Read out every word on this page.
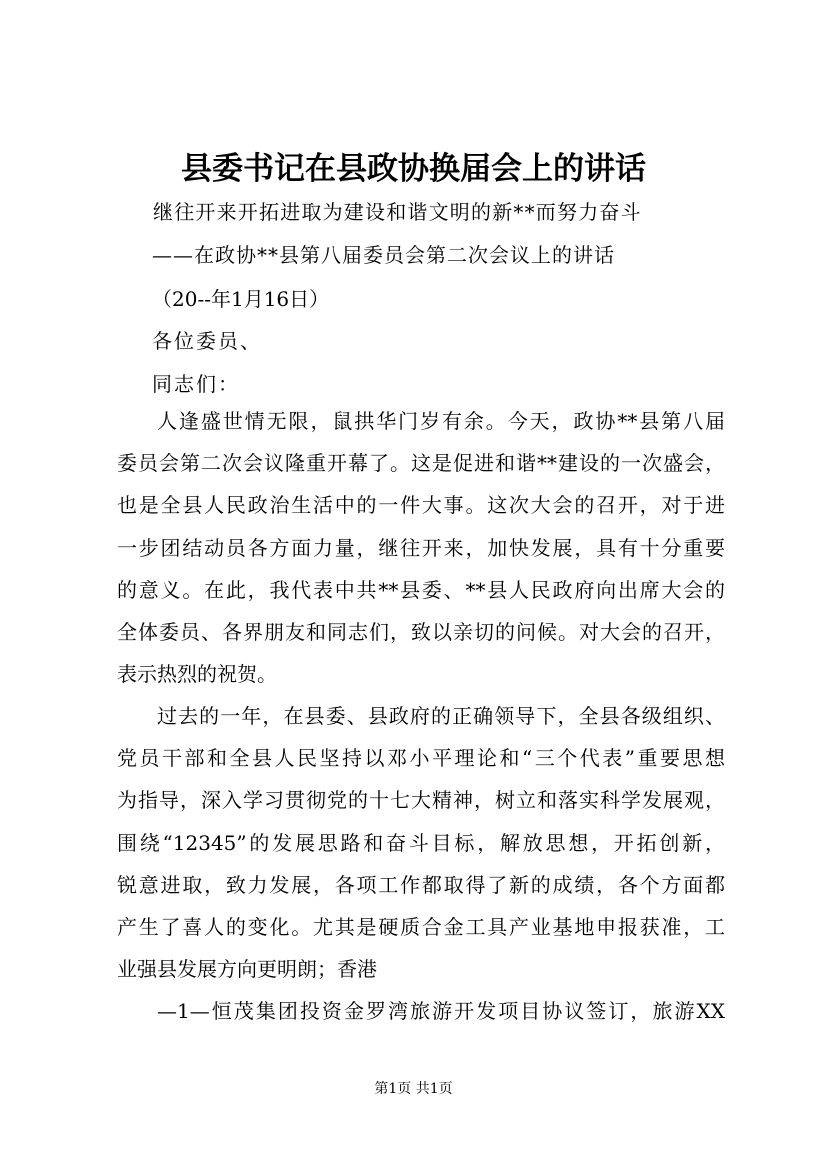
县委书记在县政协换届会上的讲话
继往开来开拓进取为建设和谐文明的新**而努力奋斗
——在政协**县第八届委员会第二次会议上的讲话
（20--年1月16日）
各位委员、
同志们：
人逢盛世情无限，鼠拱华门岁有余。今天，政协**县第八届
委员会第二次会议隆重开幕了。这是促进和谐**建设的一次盛会，
也是全县人民政治生活中的一件大事。这次大会的召开，对于进
一步团结动员各方面力量，继往开来，加快发展，具有十分重要
的意义。在此，我代表中共**县委、**县人民政府向出席大会的
全体委员、各界朋友和同志们，致以亲切的问候。对大会的召开，
表示热烈的祝贺。
过去的一年，在县委、县政府的正确领导下，全县各级组织、
党员干部和全县人民坚持以邓小平理论和“三个代表”重要思想
为指导，深入学习贯彻党的十七大精神，树立和落实科学发展观，
围绕“12345”的发展思路和奋斗目标，解放思想，开拓创新，
锐意进取，致力发展，各项工作都取得了新的成绩，各个方面都
产生了喜人的变化。尤其是硬质合金工具产业基地申报获准，工
业强县发展方向更明朗；香港
—1—恒茂集团投资金罗湾旅游开发项目协议签订，旅游XX
第1页 共1页
